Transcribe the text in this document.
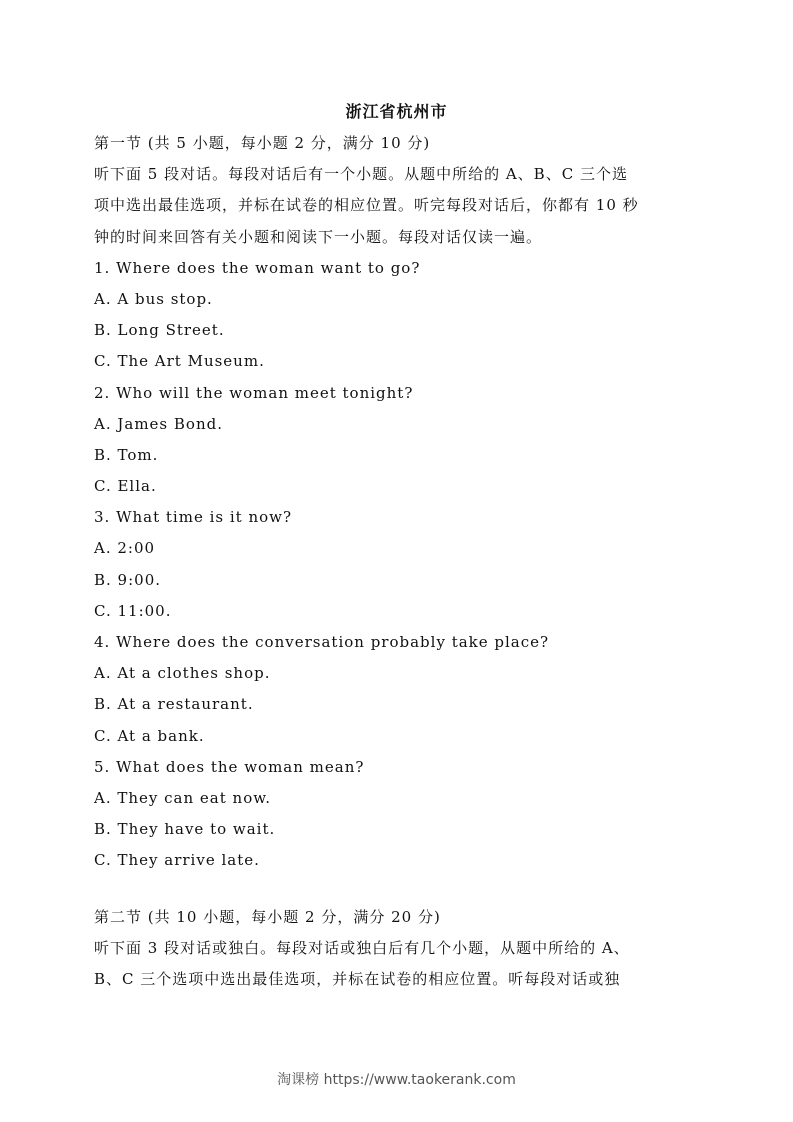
浙江省杭州市
第一节 (共 5 小题，每小题 2 分，满分 10 分)
听下面 5 段对话。每段对话后有一个小题。从题中所给的 A、B、C 三个选
项中选出最佳选项，并标在试卷的相应位置。听完每段对话后，你都有 10 秒
钟的时间来回答有关小题和阅读下一小题。每段对话仅读一遍。
1. Where does the woman want to go?
A. A bus stop.
B. Long Street.
C. The Art Museum.
2. Who will the woman meet tonight?
A. James Bond.
B. Tom.
C. Ella.
3. What time is it now?
A. 2:00
B. 9:00.
C. 11:00.
4. Where does the conversation probably take place?
A. At a clothes shop.
B. At a restaurant.
C. At a bank.
5. What does the woman mean?
A. They can eat now.
B. They have to wait.
C. They arrive late.
第二节 (共 10 小题，每小题 2 分，满分 20 分)
听下面 3 段对话或独白。每段对话或独白后有几个小题，从题中所给的 A、
B、C 三个选项中选出最佳选项，并标在试卷的相应位置。听每段对话或独
淘课榜 https://www.taokerank.com
